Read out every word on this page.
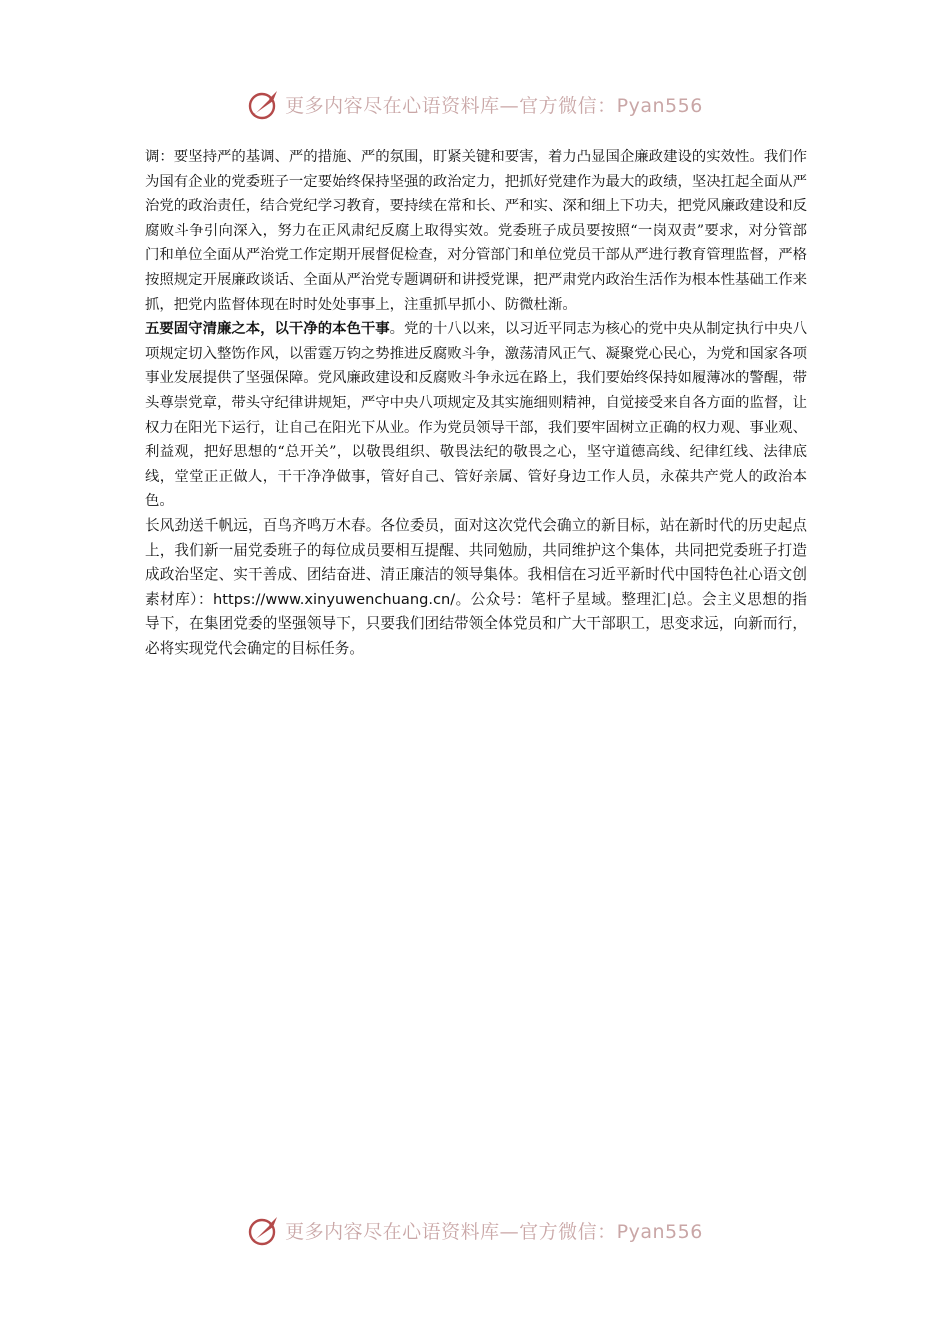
更多内容尽在心语资料库—官方微信：Pyan556

调：要坚持严的基调、严的措施、严的氛围，盯紧关键和要害，着力凸显国企廉政建设的实效性。我们作为国有企业的党委班子一定要始终保持坚强的政治定力，把抓好党建作为最大的政绩，坚决扛起全面从严治党的政治责任，结合党纪学习教育，要持续在常和长、严和实、深和细上下功夫，把党风廉政建设和反腐败斗争引向深入，努力在正风肃纪反腐上取得实效。党委班子成员要按照“一岗双责”要求，对分管部门和单位全面从严治党工作定期开展督促检查，对分管部门和单位党员干部从严进行教育管理监督，严格按照规定开展廉政谈话、全面从严治党专题调研和讲授党课，把严肃党内政治生活作为根本性基础工作来抓，把党内监督体现在时时处处事事上，注重抓早抓小、防微杜渐。

五要固守清廉之本，以干净的本色干事。党的十八以来，以习近平同志为核心的党中央从制定执行中央八项规定切入整饬作风，以雷霆万钧之势推进反腐败斗争，激荡清风正气、凝聚党心民心，为党和国家各项事业发展提供了坚强保障。党风廉政建设和反腐败斗争永远在路上，我们要始终保持如履薄冰的警醒，带头尊崇党章，带头守纪律讲规矩，严守中央八项规定及其实施细则精神，自觉接受来自各方面的监督，让权力在阳光下运行，让自己在阳光下从业。作为党员领导干部，我们要牢固树立正确的权力观、事业观、利益观，把好思想的“总开关”，以敬畏组织、敬畏法纪的敬畏之心，坚守道德高线、纪律红线、法律底线，堂堂正正做人，干干净净做事，管好自己、管好亲属、管好身边工作人员，永葆共产党人的政治本色。

长风劲送千帆远，百鸟齐鸣万木春。各位委员，面对这次党代会确立的新目标，站在新时代的历史起点上，我们新一届党委班子的每位成员要相互提醒、共同勉励，共同维护这个集体，共同把党委班子打造成政治坚定、实干善成、团结奋进、清正廉洁的领导集体。我相信在习近平新时代中国特色社心语文创素材库）：https://www.xinyuwenchuang.cn/。公众号：笔杆子星域。整理汇|总。会主义思想的指导下，在集团党委的坚强领导下，只要我们团结带领全体党员和广大干部职工，思变求远，向新而行，必将实现党代会确定的目标任务。

更多内容尽在心语资料库—官方微信：Pyan556
